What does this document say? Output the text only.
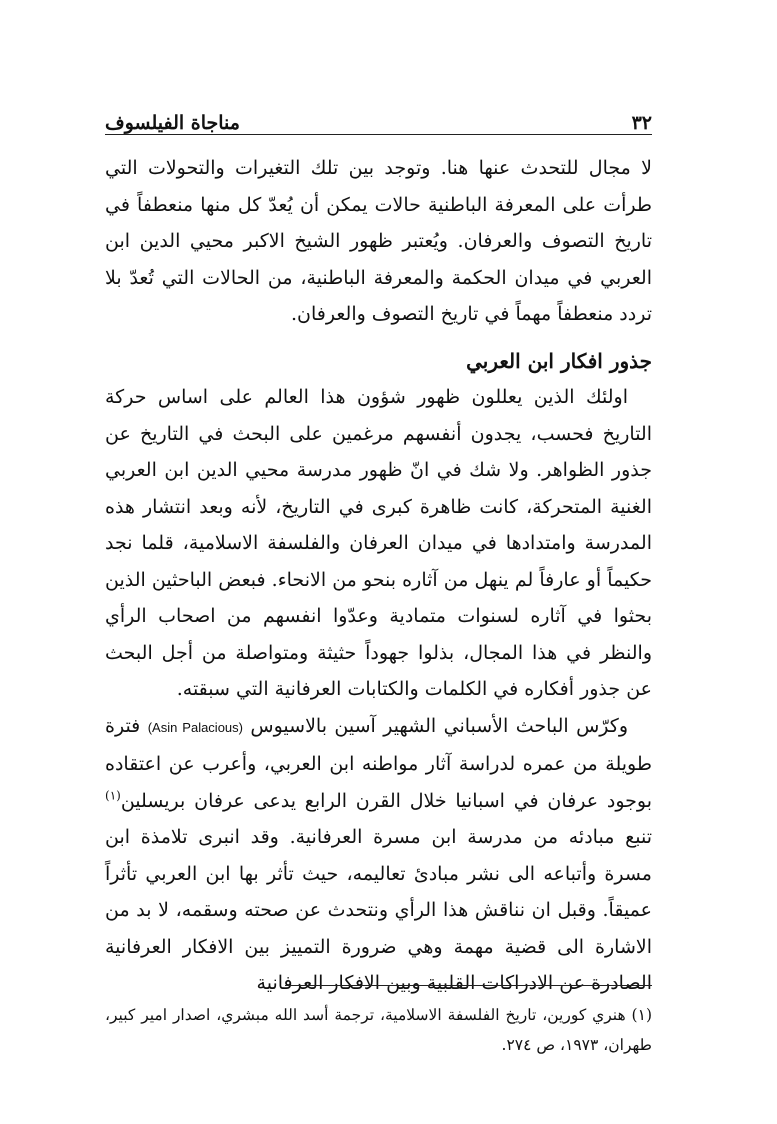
٣٢
مناجاة الفيلسوف

لا مجال للتحدث عنها هنا. وتوجد بين تلك التغيرات والتحولات التي طرأت على المعرفة الباطنية حالات يمكن أن يُعدّ كل منها منعطفاً في تاريخ التصوف والعرفان. ويُعتبر ظهور الشيخ الاكبر محيي الدين ابن العربي في ميدان الحكمة والمعرفة الباطنية، من الحالات التي تُعدّ بلا تردد منعطفاً مهماً في تاريخ التصوف والعرفان.

جذور افكار ابن العربي

اولئك الذين يعللون ظهور شؤون هذا العالم على اساس حركة التاريخ فحسب، يجدون أنفسهم مرغمين على البحث في التاريخ عن جذور الظواهر. ولا شك في انّ ظهور مدرسة محيي الدين ابن العربي الغنية المتحركة، كانت ظاهرة كبرى في التاريخ، لأنه وبعد انتشار هذه المدرسة وامتدادها في ميدان العرفان والفلسفة الاسلامية، قلما نجد حكيماً أو عارفاً لم ينهل من آثاره بنحو من الانحاء. فبعض الباحثين الذين بحثوا في آثاره لسنوات متمادية وعدّوا انفسهم من اصحاب الرأي والنظر في هذا المجال، بذلوا جهوداً حثيثة ومتواصلة من أجل البحث عن جذور أفكاره في الكلمات والكتابات العرفانية التي سبقته.

وكرّس الباحث الأسباني الشهير آسين بالاسيوس (Asin Palacious) فترة طويلة من عمره لدراسة آثار مواطنه ابن العربي، وأعرب عن اعتقاده بوجود عرفان في اسبانيا خلال القرن الرابع يدعى عرفان بريسلين$^{(١)}$ تنبع مبادئه من مدرسة ابن مسرة العرفانية. وقد انبرى تلامذة ابن مسرة وأتباعه الى نشر مبادئ تعاليمه، حيث تأثر بها ابن العربي تأثراً عميقاً. وقبل ان نناقش هذا الرأي ونتحدث عن صحته وسقمه، لا بد من الاشارة الى قضية مهمة وهي ضرورة التمييز بين الافكار العرفانية الصادرة عن الادراكات القلبية وبين الافكار العرفانية

(١) هنري كورين، تاريخ الفلسفة الاسلامية، ترجمة أسد الله مبشري، اصدار امير كبير، طهران، ١٩٧٣، ص ٢٧٤.
